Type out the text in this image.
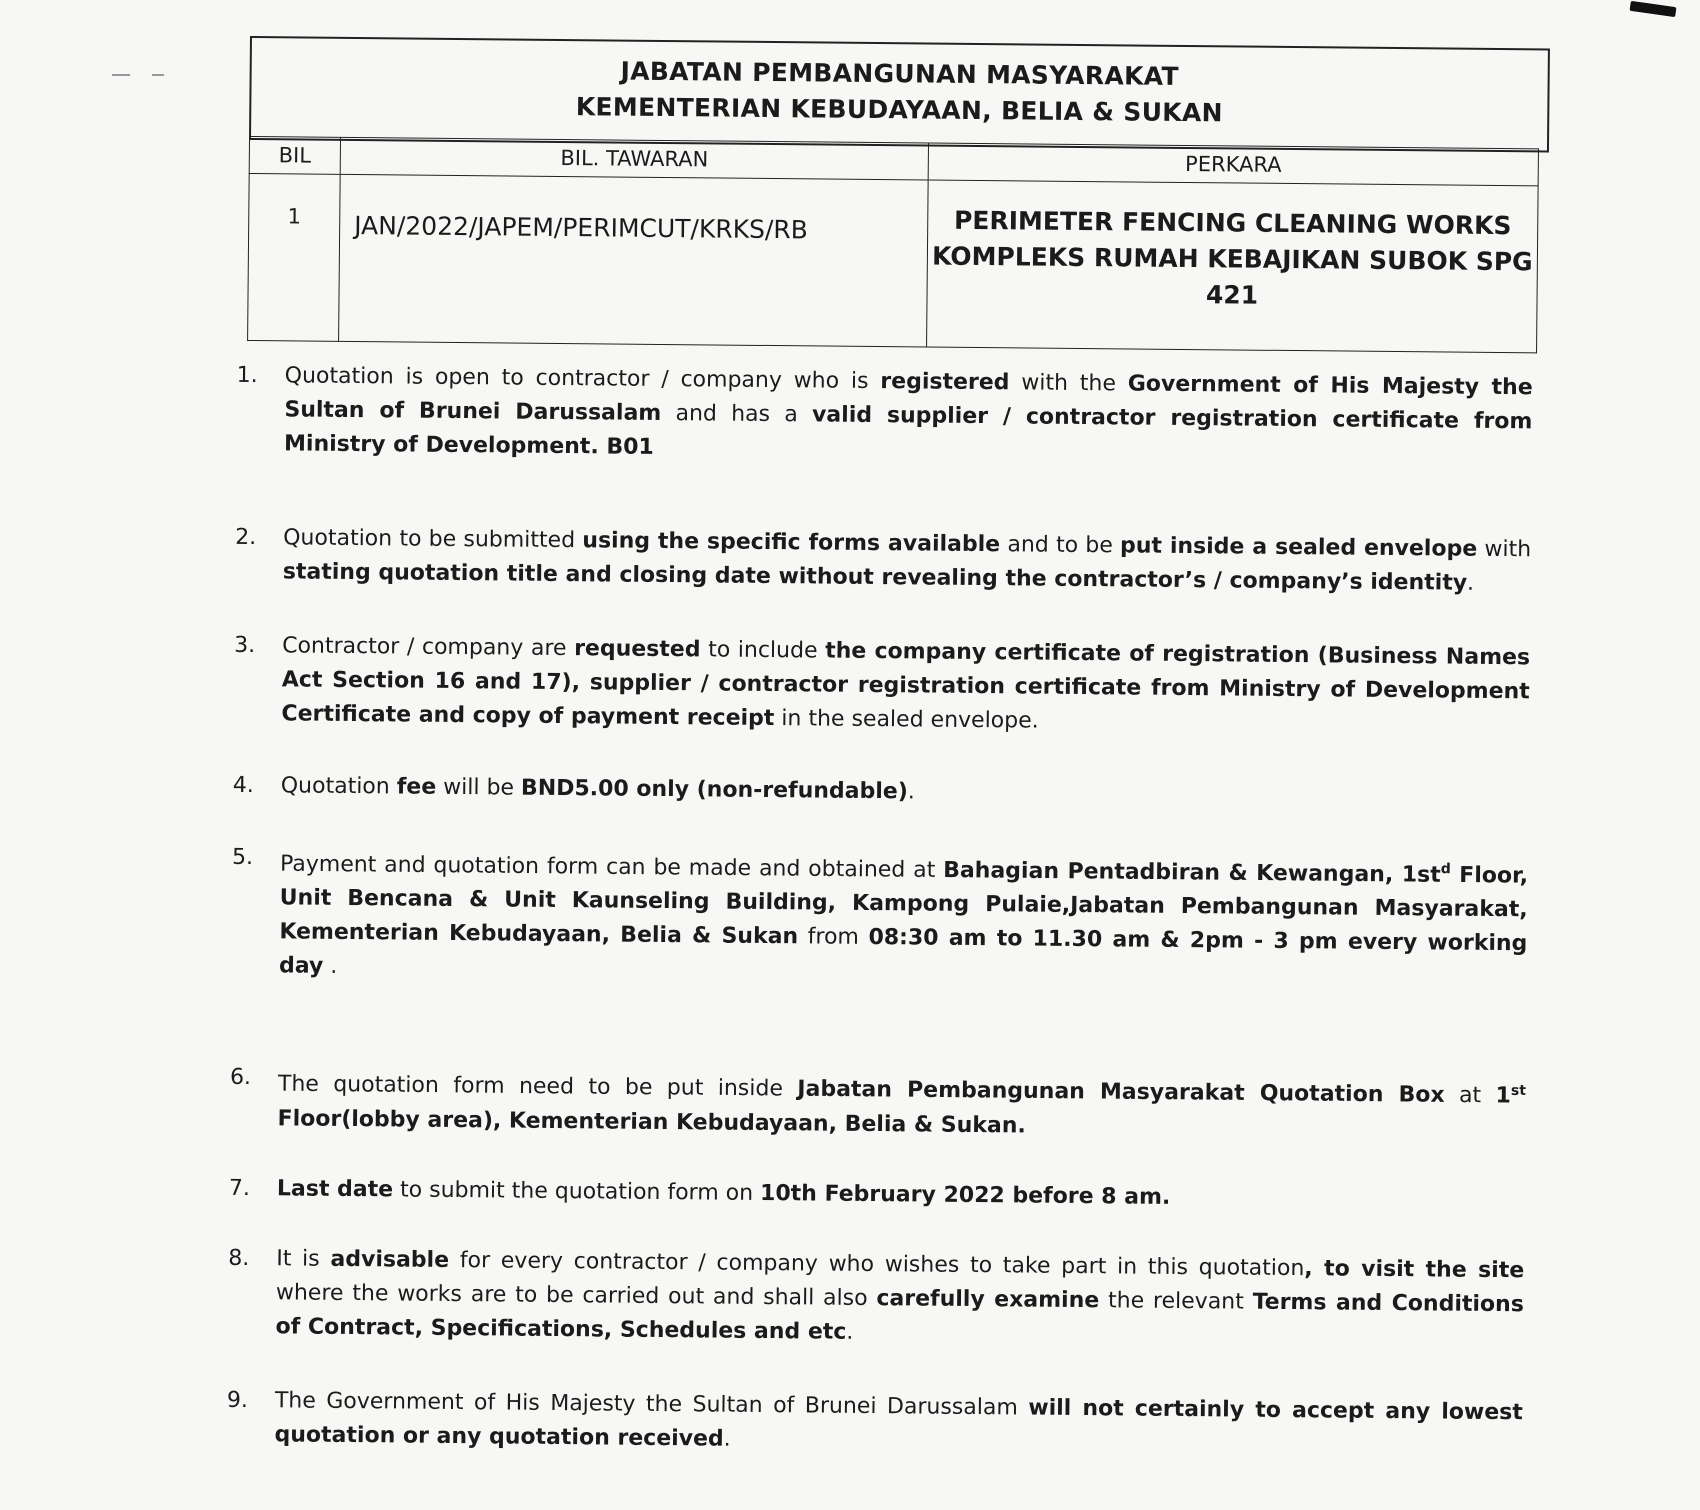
JABATAN PEMBANGUNAN MASYARAKAT
KEMENTERIAN KEBUDAYAAN, BELIA & SUKAN
BIL	BIL. TAWARAN	PERKARA
1	JAN/2022/JAPEM/PERIMCUT/KRKS/RB	PERIMETER FENCING CLEANING WORKS
KOMPLEKS RUMAH KEBAJIKAN SUBOK SPG
421
1.	Quotation is open to contractor / company who is registered with the Government of His Majesty the Sultan of Brunei Darussalam and has a valid supplier / contractor registration certificate from Ministry of Development. B01
2.	Quotation to be submitted using the specific forms available and to be put inside a sealed envelope with stating quotation title and closing date without revealing the contractor’s / company’s identity.
3.	Contractor / company are requested to include the company certificate of registration (Business Names Act Section 16 and 17), supplier / contractor registration certificate from Ministry of Development Certificate and copy of payment receipt in the sealed envelope.
4.	Quotation fee will be BND5.00 only (non-refundable).
5.	Payment and quotation form can be made and obtained at Bahagian Pentadbiran & Kewangan, $1st^d$ Floor, Unit Bencana & Unit Kaunseling Building, Kampong Pulaie,Jabatan Pembangunan Masyarakat, Kementerian Kebudayaan, Belia & Sukan from 08:30 am to 11.30 am & 2pm - 3 pm every working day .
6.	The quotation form need to be put inside Jabatan Pembangunan Masyarakat Quotation Box at 1st Floor(lobby area), Kementerian Kebudayaan, Belia & Sukan.
7.	Last date to submit the quotation form on 10th February 2022 before 8 am.
8.	It is advisable for every contractor / company who wishes to take part in this quotation, to visit the site where the works are to be carried out and shall also carefully examine the relevant Terms and Conditions of Contract, Specifications, Schedules and etc.
9.	The Government of His Majesty the Sultan of Brunei Darussalam will not certainly to accept any lowest quotation or any quotation received.
